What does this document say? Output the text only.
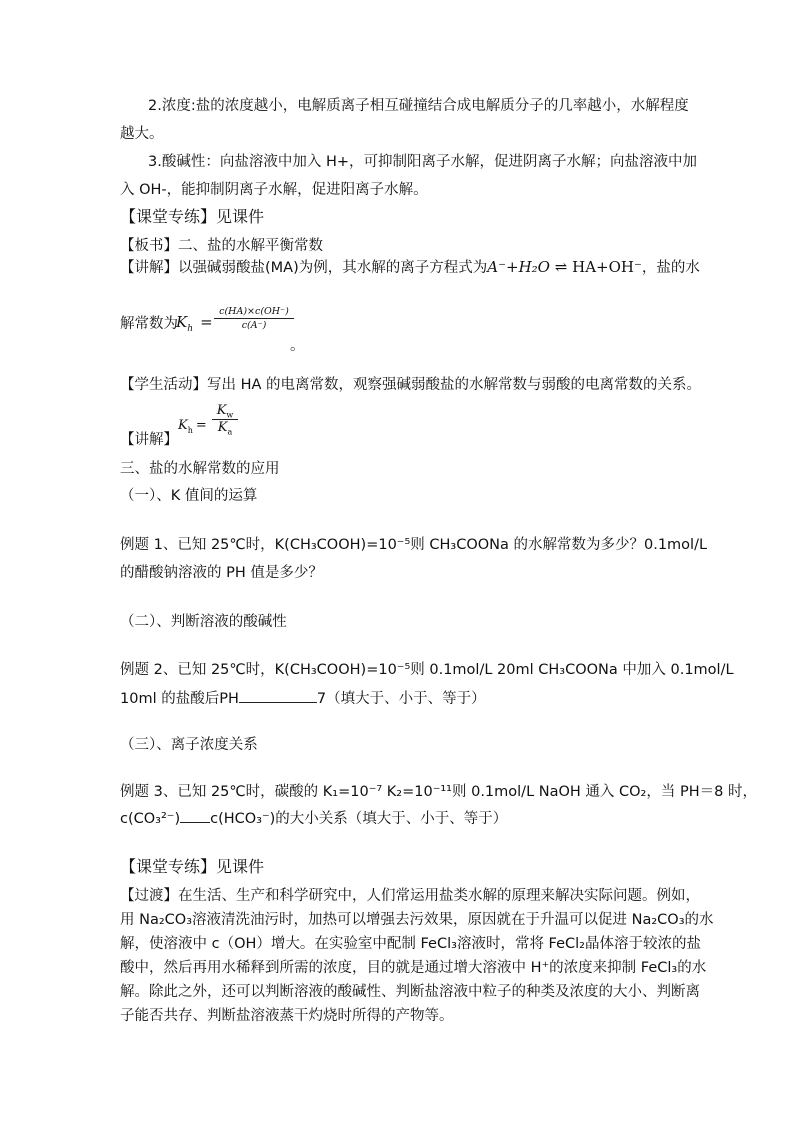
2.浓度:盐的浓度越小，电解质离子相互碰撞结合成电解质分子的几率越小，水解程度
越大。
3.酸碱性：向盐溶液中加入 H+，可抑制阳离子水解，促进阴离子水解；向盐溶液中加
入 OH-，能抑制阴离子水解，促进阳离子水解。
【课堂专练】见课件
【板书】二、盐的水解平衡常数
【讲解】以强碱弱酸盐(MA)为例，其水解的离子方程式为A⁻+H₂O ⇌ HA+OH⁻，盐的水
解常数为
$K_h = \frac{c(HA)\times c(OH^-)}{c(A^-)}$
。
【学生活动】写出 HA 的电离常数，观察强碱弱酸盐的水解常数与弱酸的电离常数的关系。
$K_h = \frac{K_w}{K_a}$
【讲解】
三、盐的水解常数的应用
（一）、K 值间的运算
例题 1、已知 25℃时，K(CH₃COOH)=10⁻⁵则 CH₃COONa 的水解常数为多少？0.1mol/L
的醋酸钠溶液的 PH 值是多少？
（二）、判断溶液的酸碱性
例题 2、已知 25℃时，K(CH₃COOH)=10⁻⁵则 0.1mol/L 20ml CH₃COONa 中加入 0.1mol/L
10ml 的盐酸后PH	7（填大于、小于、等于）
（三）、离子浓度关系
例题 3、已知 25℃时，碳酸的 K₁=10⁻⁷ K₂=10⁻¹¹则 0.1mol/L NaOH 通入 CO₂，当 PH＝8 时，
c(CO₃²⁻) c(HCO₃⁻)的大小关系（填大于、小于、等于）
【课堂专练】见课件
【过渡】在生活、生产和科学研究中，人们常运用盐类水解的原理来解决实际问题。例如，
用 Na₂CO₃溶液清洗油污时，加热可以增强去污效果，原因就在于升温可以促进 Na₂CO₃的水
解，使溶液中 c（OH）增大。在实验室中配制 FeCl₃溶液时，常将 FeCl₂晶体溶于较浓的盐
酸中，然后再用水稀释到所需的浓度，目的就是通过增大溶液中 H⁺的浓度来抑制 FeCl₃的水
解。除此之外，还可以判断溶液的酸碱性、判断盐溶液中粒子的种类及浓度的大小、判断离
子能否共存、判断盐溶液蒸干灼烧时所得的产物等。
